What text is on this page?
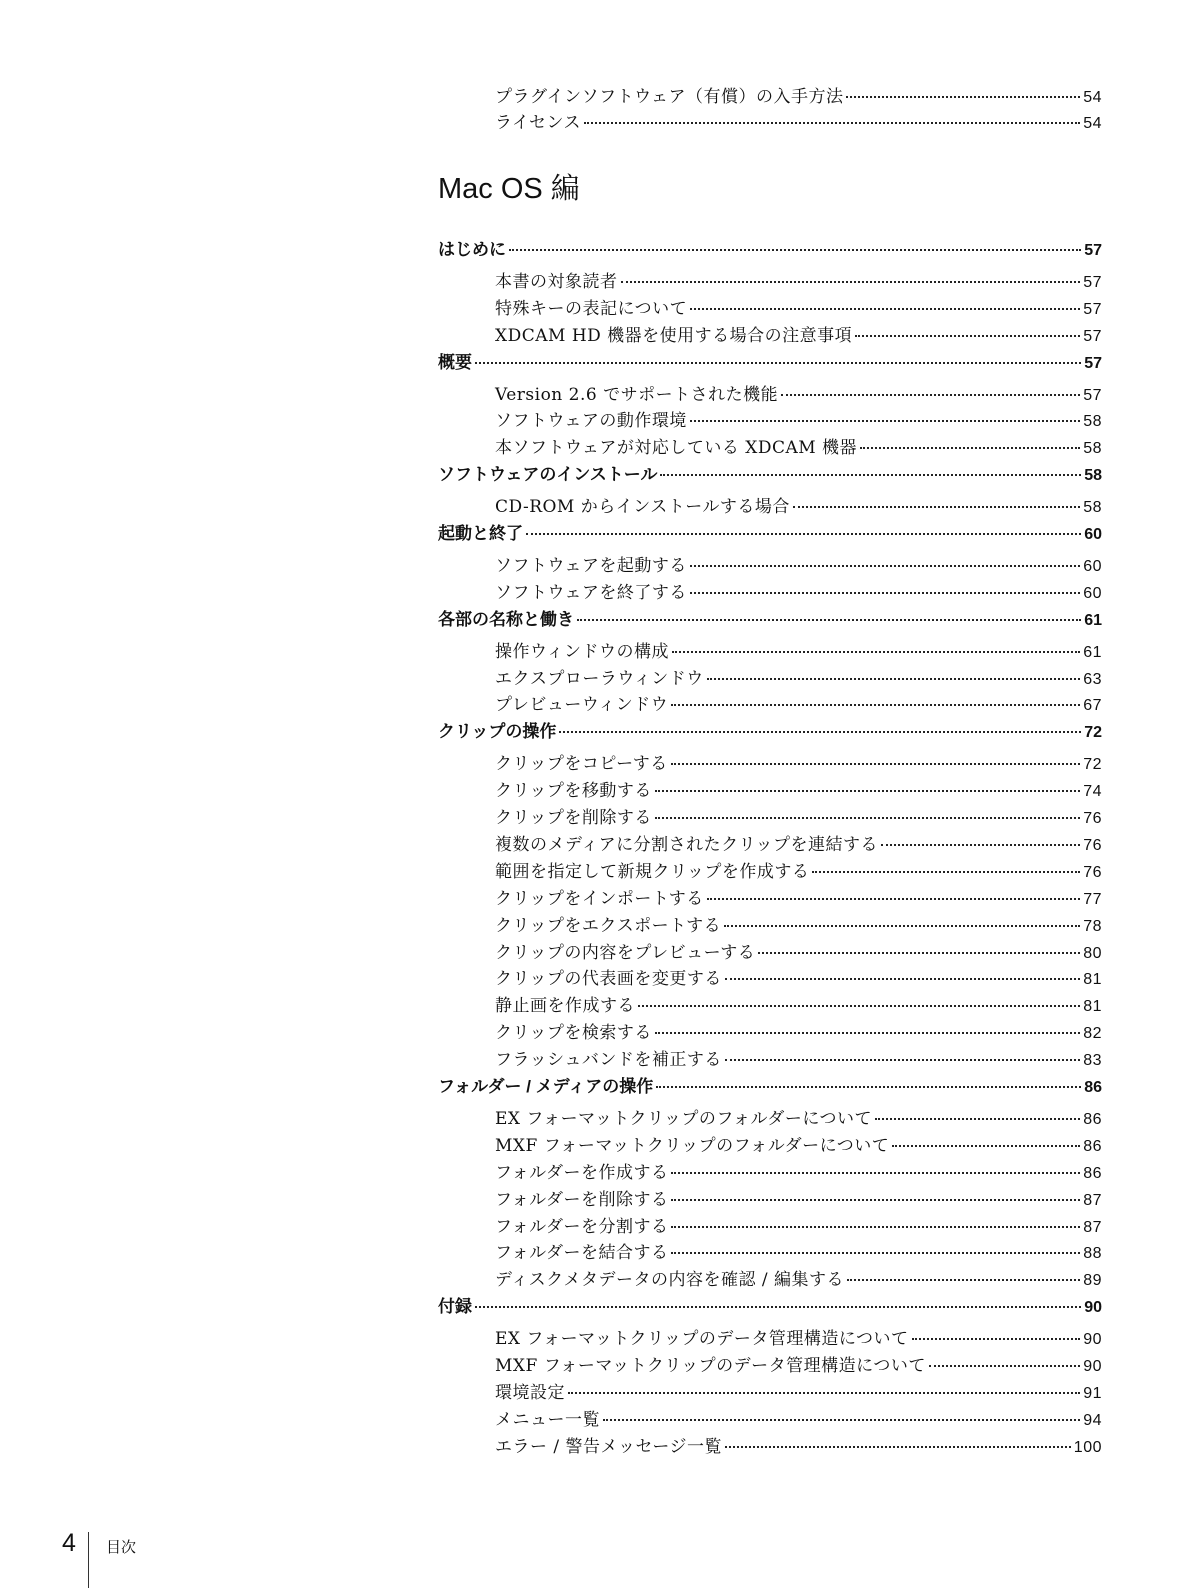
プラグインソフトウェア（有償）の入手方法	54
ライセンス	54
Mac OS 編
はじめに	57
本書の対象読者	57
特殊キーの表記について	57
XDCAM HD 機器を使用する場合の注意事項	57
概要	57
Version 2.6 でサポートされた機能	57
ソフトウェアの動作環境	58
本ソフトウェアが対応している XDCAM 機器	58
ソフトウェアのインストール	58
CD-ROM からインストールする場合	58
起動と終了	60
ソフトウェアを起動する	60
ソフトウェアを終了する	60
各部の名称と働き	61
操作ウィンドウの構成	61
エクスプローラウィンドウ	63
プレビューウィンドウ	67
クリップの操作	72
クリップをコピーする	72
クリップを移動する	74
クリップを削除する	76
複数のメディアに分割されたクリップを連結する	76
範囲を指定して新規クリップを作成する	76
クリップをインポートする	77
クリップをエクスポートする	78
クリップの内容をプレビューする	80
クリップの代表画を変更する	81
静止画を作成する	81
クリップを検索する	82
フラッシュバンドを補正する	83
フォルダー / メディアの操作	86
EX フォーマットクリップのフォルダーについて	86
MXF フォーマットクリップのフォルダーについて	86
フォルダーを作成する	86
フォルダーを削除する	87
フォルダーを分割する	87
フォルダーを結合する	88
ディスクメタデータの内容を確認 / 編集する	89
付録	90
EX フォーマットクリップのデータ管理構造について	90
MXF フォーマットクリップのデータ管理構造について	90
環境設定	91
メニュー一覧	94
エラー / 警告メッセージ一覧	100
4 目次
